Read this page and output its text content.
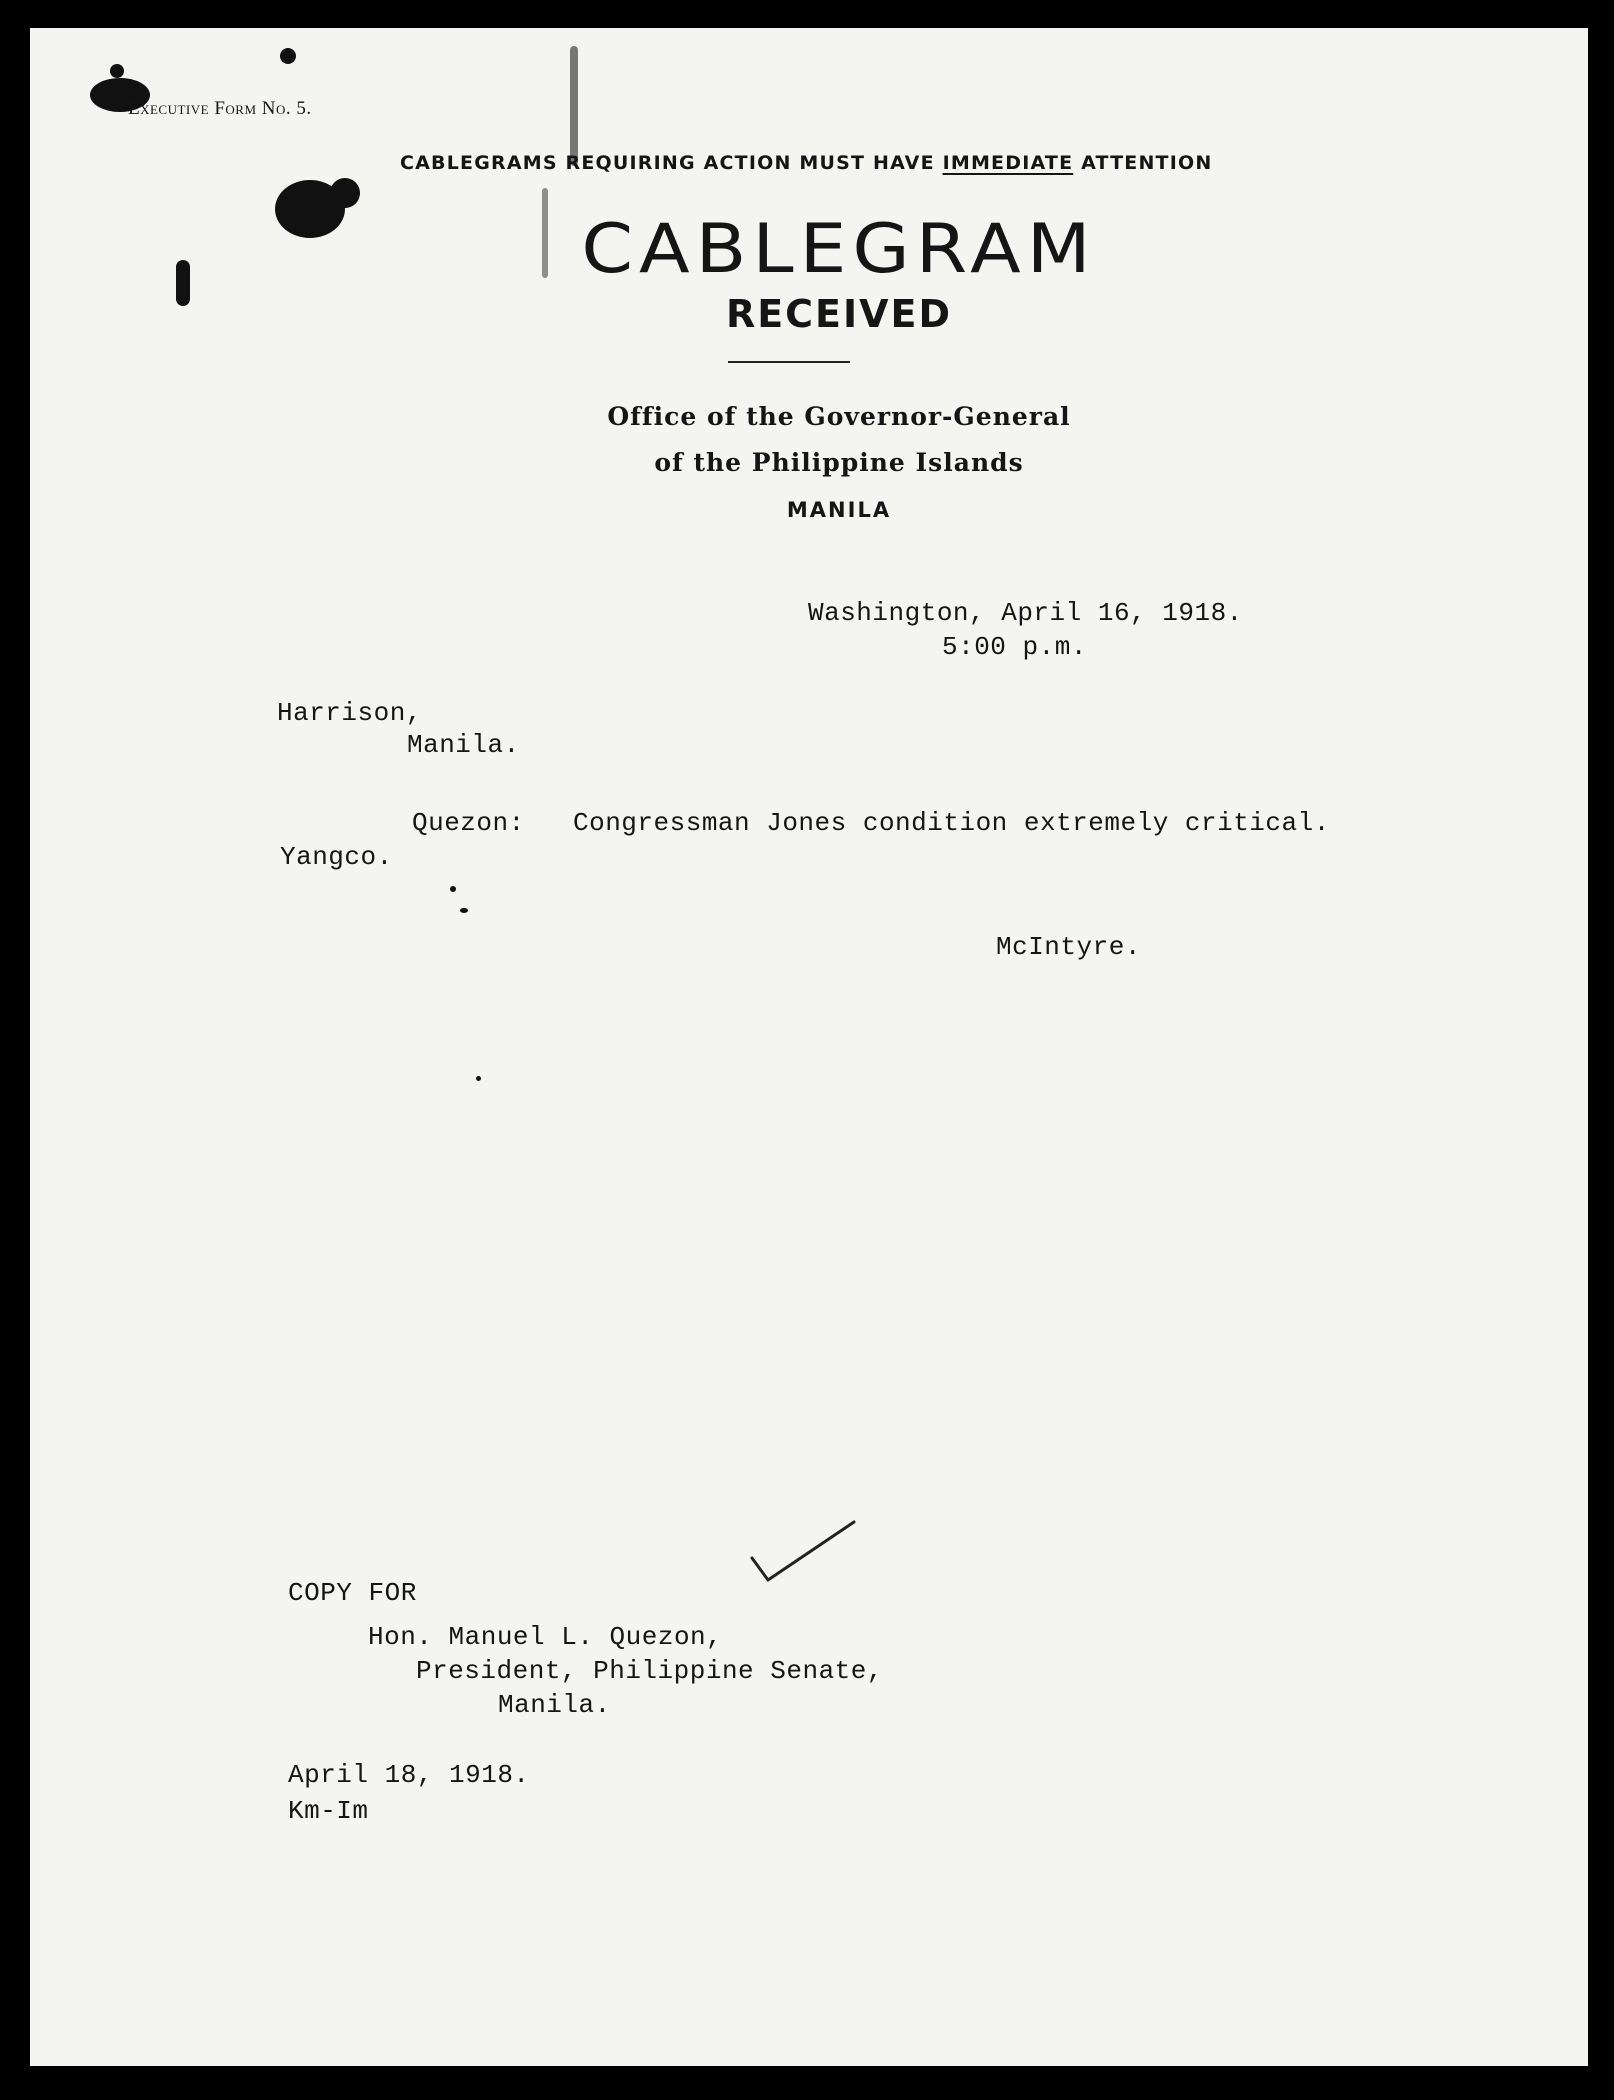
Executive Form No. 5.
CABLEGRAMS REQUIRING ACTION MUST HAVE IMMEDIATE ATTENTION
CABLEGRAM
RECEIVED
Office of the Governor-General
of the Philippine Islands
MANILA
Washington, April 16, 1918.
5:00 p.m.
Harrison,
Manila.
Quezon: Congressman Jones condition extremely critical.
Yangco.
McIntyre.
COPY FOR
Hon. Manuel L. Quezon,
President, Philippine Senate,
Manila.
April 18, 1918.
Km-Im
